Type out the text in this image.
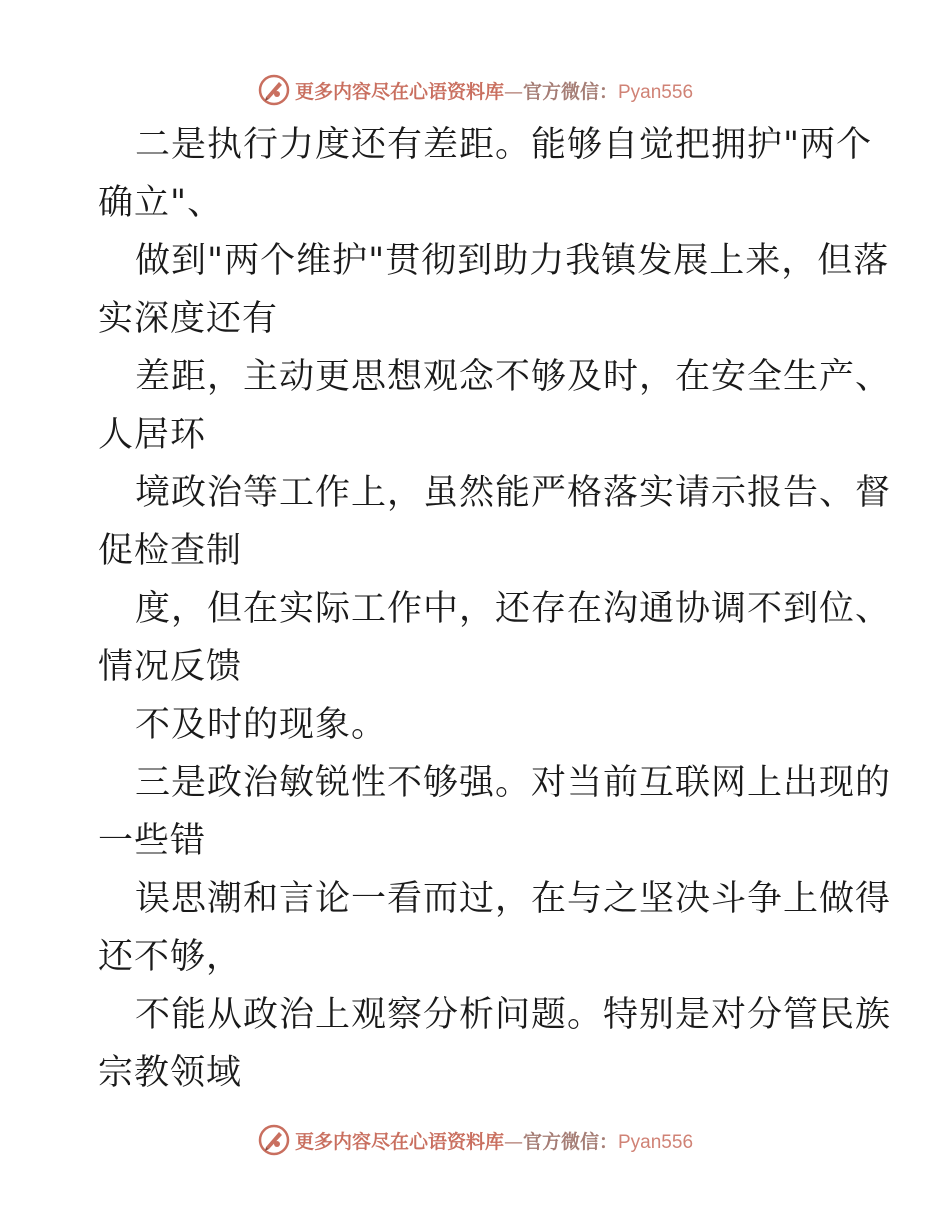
更多内容尽在心语资料库—官方微信：Pyan556
二是执行力度还有差距。能够自觉把拥护"两个
确立"、
做到"两个维护"贯彻到助力我镇发展上来，但落
实深度还有
差距，主动更思想观念不够及时，在安全生产、
人居环
境政治等工作上，虽然能严格落实请示报告、督
促检查制
度，但在实际工作中，还存在沟通协调不到位、
情况反馈
不及时的现象。
三是政治敏锐性不够强。对当前互联网上出现的
一些错
误思潮和言论一看而过，在与之坚决斗争上做得
还不够，
不能从政治上观察分析问题。特别是对分管民族
宗教领域
更多内容尽在心语资料库—官方微信：Pyan556
